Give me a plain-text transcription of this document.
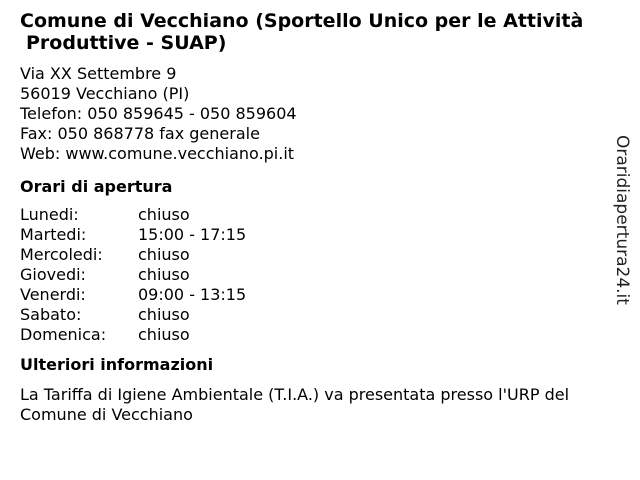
Comune di Vecchiano (Sportello Unico per le Attività
Produttive - SUAP)
Via XX Settembre 9
56019 Vecchiano (PI)
Telefon: 050 859645 - 050 859604
Fax: 050 868778 fax generale
Web: www.comune.vecchiano.pi.it
Orari di apertura
Lunedi:	chiuso
Martedi:	15:00 - 17:15
Mercoledi:	chiuso
Giovedi:	chiuso
Venerdi:	09:00 - 13:15
Sabato:	chiuso
Domenica:	chiuso
Ulteriori informazioni
La Tariffa di Igiene Ambientale (T.I.A.) va presentata presso l'URP del Comune di Vecchiano
Oraridiapertura24.it
